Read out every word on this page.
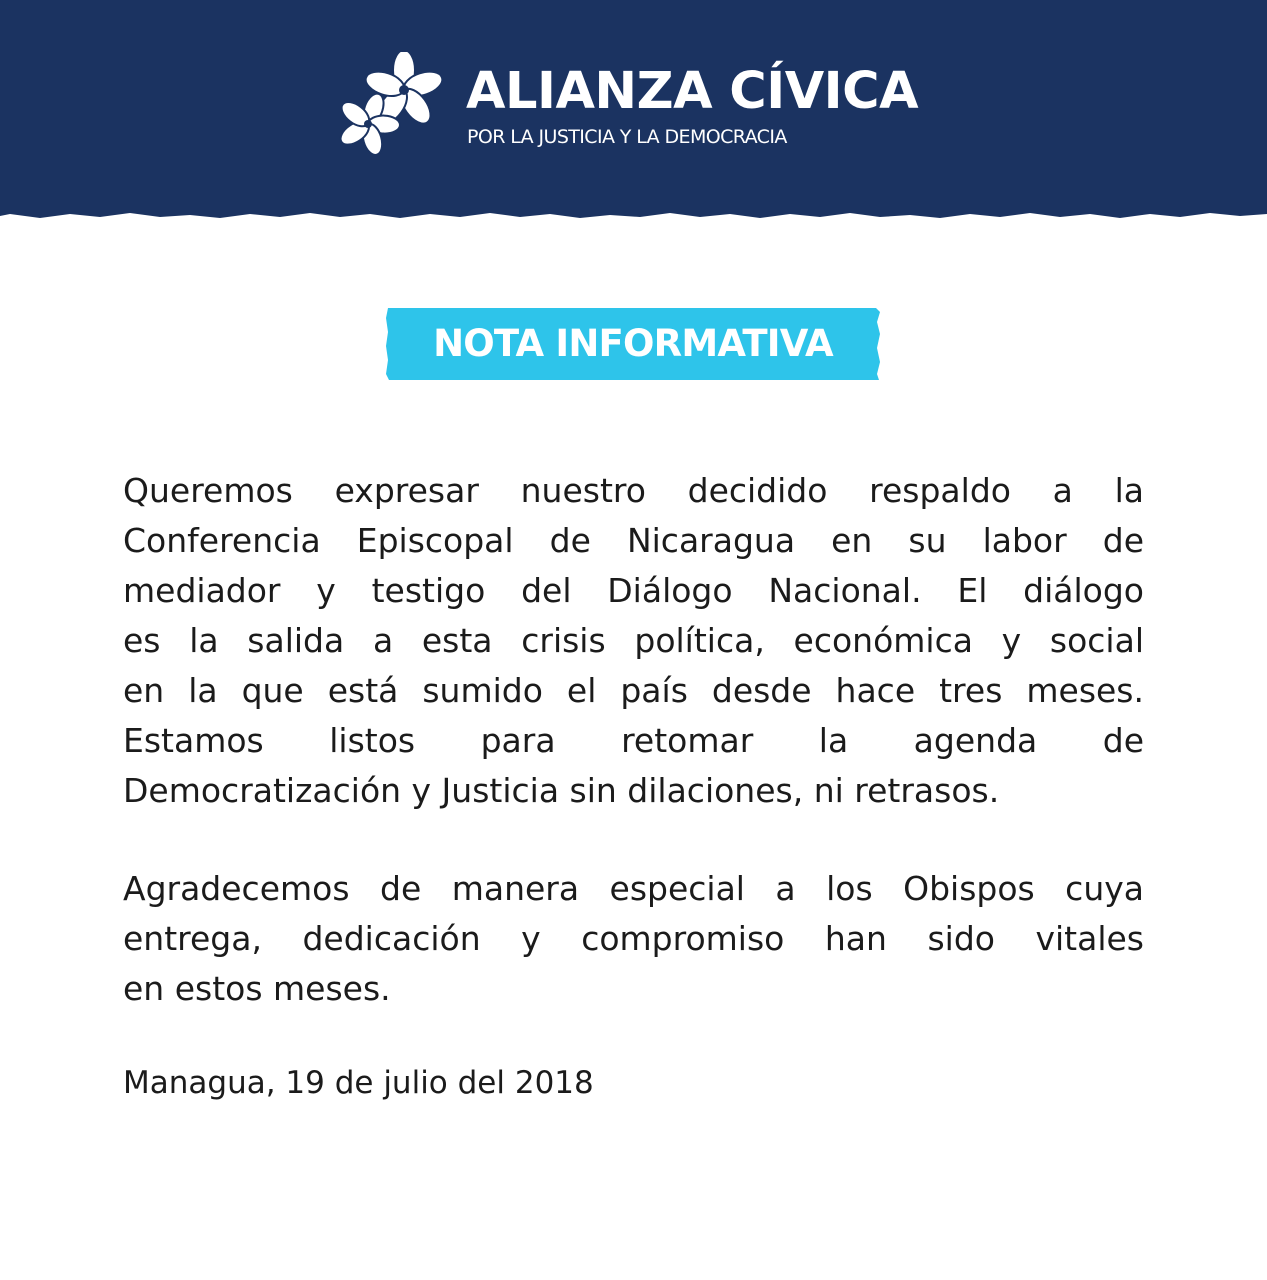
ALIANZA CÍVICA
POR LA JUSTICIA Y LA DEMOCRACIA
NOTA INFORMATIVA
Queremos expresar nuestro decidido respaldo a la
Conferencia Episcopal de Nicaragua en su labor de
mediador y testigo del Diálogo Nacional. El diálogo
es la salida a esta crisis política, económica y social
en la que está sumido el país desde hace tres meses.
Estamos listos para retomar la agenda de
Democratización y Justicia sin dilaciones, ni retrasos.
Agradecemos de manera especial a los Obispos cuya
entrega, dedicación y compromiso han sido vitales
en estos meses.
Managua, 19 de julio del 2018
